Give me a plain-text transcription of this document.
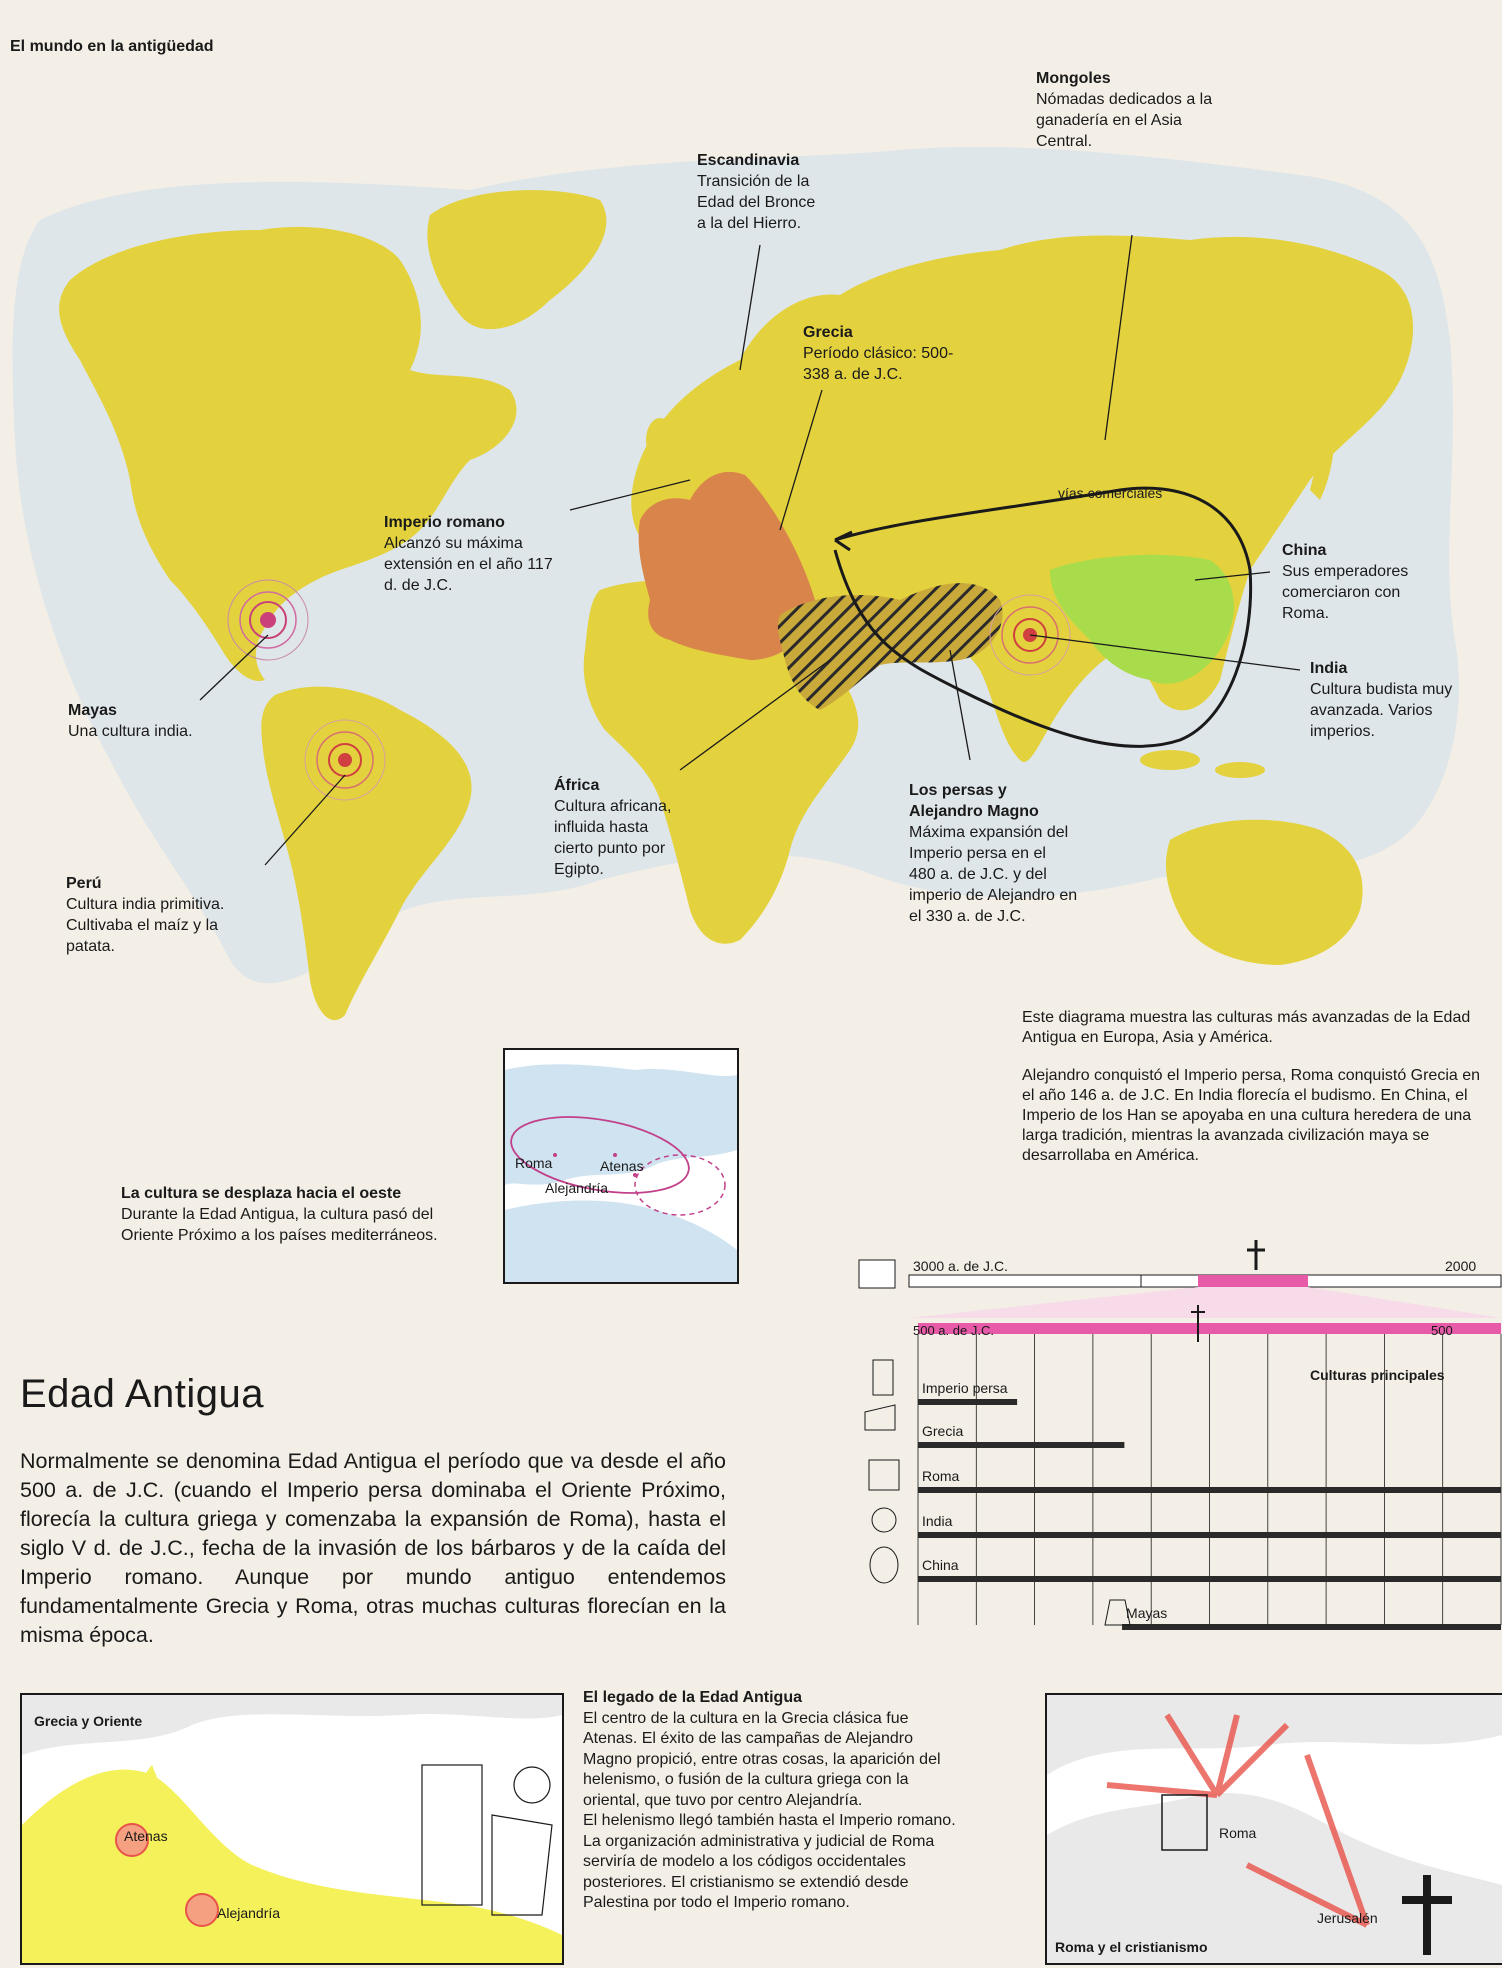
El mundo en la antigüedad
Mongoles
Nómadas dedicados a la
ganadería en el Asia
Central.
Escandinavia
Transición de la
Edad del Bronce
a la del Hierro.
Grecia
Período clásico: 500-
338 a. de J.C.
Imperio romano
Alcanzó su máxima
extensión en el año 117
d. de J.C.
vías comerciales
China
Sus emperadores
comerciaron con
Roma.
India
Cultura budista muy
avanzada. Varios
imperios.
Mayas
Una cultura india.
Perú
Cultura india primitiva.
Cultivaba el maíz y la
patata.
África
Cultura africana,
influida hasta
cierto punto por
Egipto.
Los persas y
Alejandro Magno
Máxima expansión del
Imperio persa en el
480 a. de J.C. y del
imperio de Alejandro en
el 330 a. de J.C.

Este diagrama muestra las culturas más avanzadas de la Edad Antigua en Europa, Asia y América.

Alejandro conquistó el Imperio persa, Roma conquistó Grecia en el año 146 a. de J.C. En India florecía el budismo. En China, el Imperio de los Han se apoyaba en una cultura heredera de una larga tradición, mientras la avanzada civilización maya se desarrollaba en América.

Roma	Atenas
Alejandría
La cultura se desplaza hacia el oeste
Durante la Edad Antigua, la cultura pasó del Oriente Próximo a los países mediterráneos.
3000 a. de J.C.	2000
500 a. de J.C.	500
Culturas principales
Imperio persa
Grecia
Roma
India
China
Mayas
Edad Antigua
Normalmente se denomina Edad Antigua el período que va desde el año 500 a. de J.C. (cuando el Imperio persa dominaba el Oriente Próximo, florecía la cultura griega y comenzaba la expansión de Roma), hasta el siglo V d. de J.C., fecha de la invasión de los bárbaros y de la caída del Imperio romano. Aunque por mundo antiguo entendemos fundamentalmente Grecia y Roma, otras muchas culturas florecían en la misma época.
Grecia y Oriente
Atenas
Alejandría
El legado de la Edad Antigua
El centro de la cultura en la Grecia clásica fue Atenas. El éxito de las campañas de Alejandro Magno propició, entre otras cosas, la aparición del helenismo, o fusión de la cultura griega con la oriental, que tuvo por centro Alejandría.
El helenismo llegó también hasta el Imperio romano. La organización administrativa y judicial de Roma serviría de modelo a los códigos occidentales posteriores. El cristianismo se extendió desde Palestina por todo el Imperio romano.
Roma
Jerusalén
Roma y el cristianismo
